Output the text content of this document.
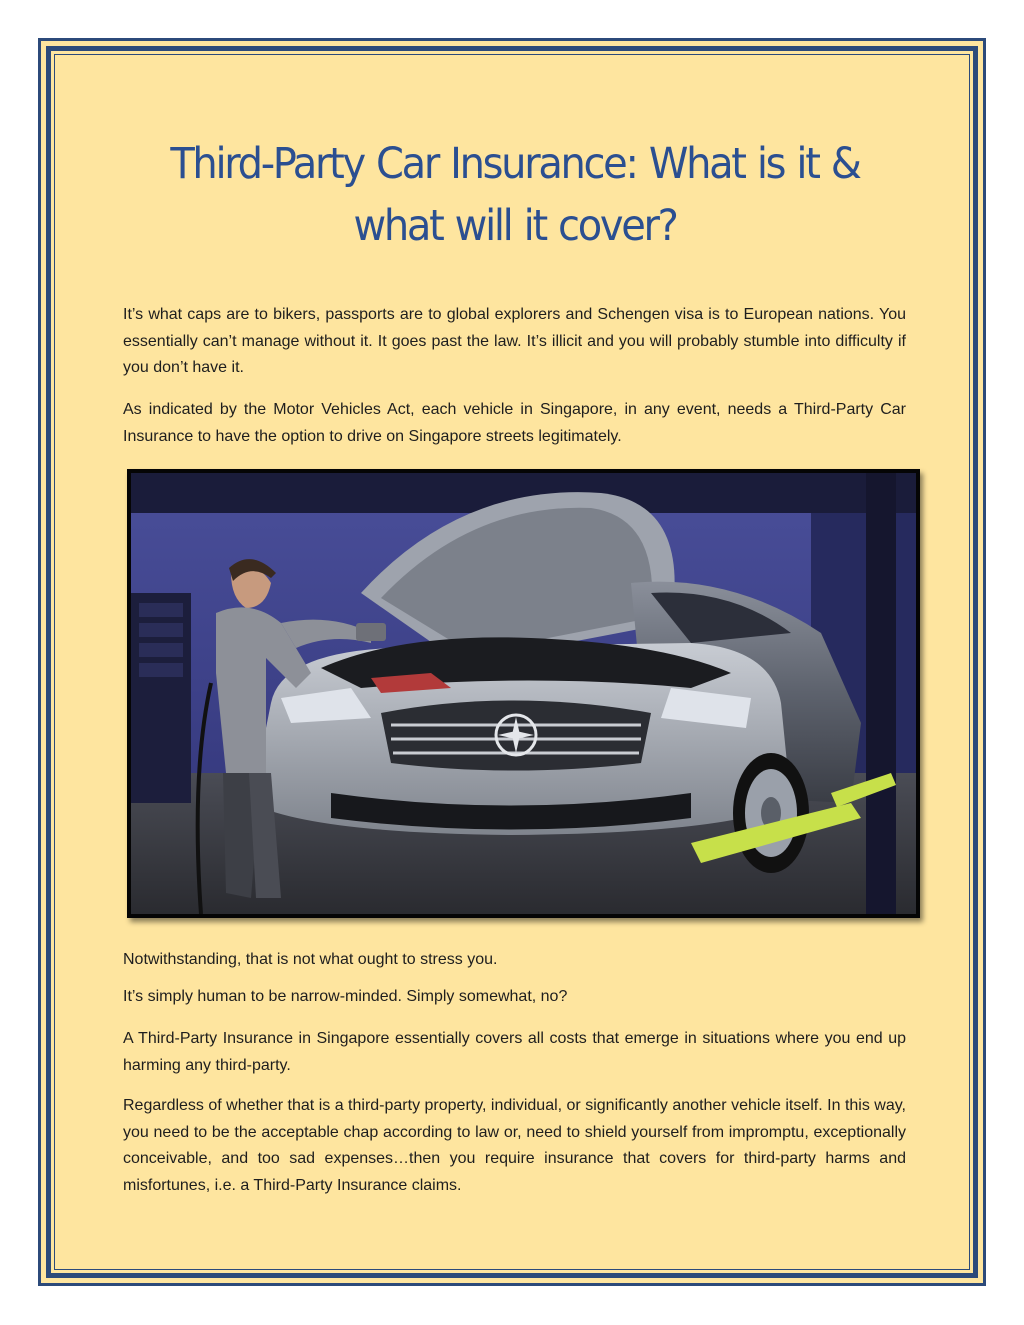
Third-Party Car Insurance: What is it &
what will it cover?

It’s what caps are to bikers, passports are to global explorers and Schengen visa is to European nations. You essentially can’t manage without it. It goes past the law. It’s illicit and you will probably stumble into difficulty if you don’t have it.

As indicated by the Motor Vehicles Act, each vehicle in Singapore, in any event, needs a Third-Party Car Insurance to have the option to drive on Singapore streets legitimately.

Notwithstanding, that is not what ought to stress you.

It’s simply human to be narrow-minded. Simply somewhat, no?

A Third-Party Insurance in Singapore essentially covers all costs that emerge in situations where you end up harming any third-party.

Regardless of whether that is a third-party property, individual, or significantly another vehicle itself. In this way, you need to be the acceptable chap according to law or, need to shield yourself from impromptu, exceptionally conceivable, and too sad expenses…then you require insurance that covers for third-party harms and misfortunes, i.e. a Third-Party Insurance claims.
